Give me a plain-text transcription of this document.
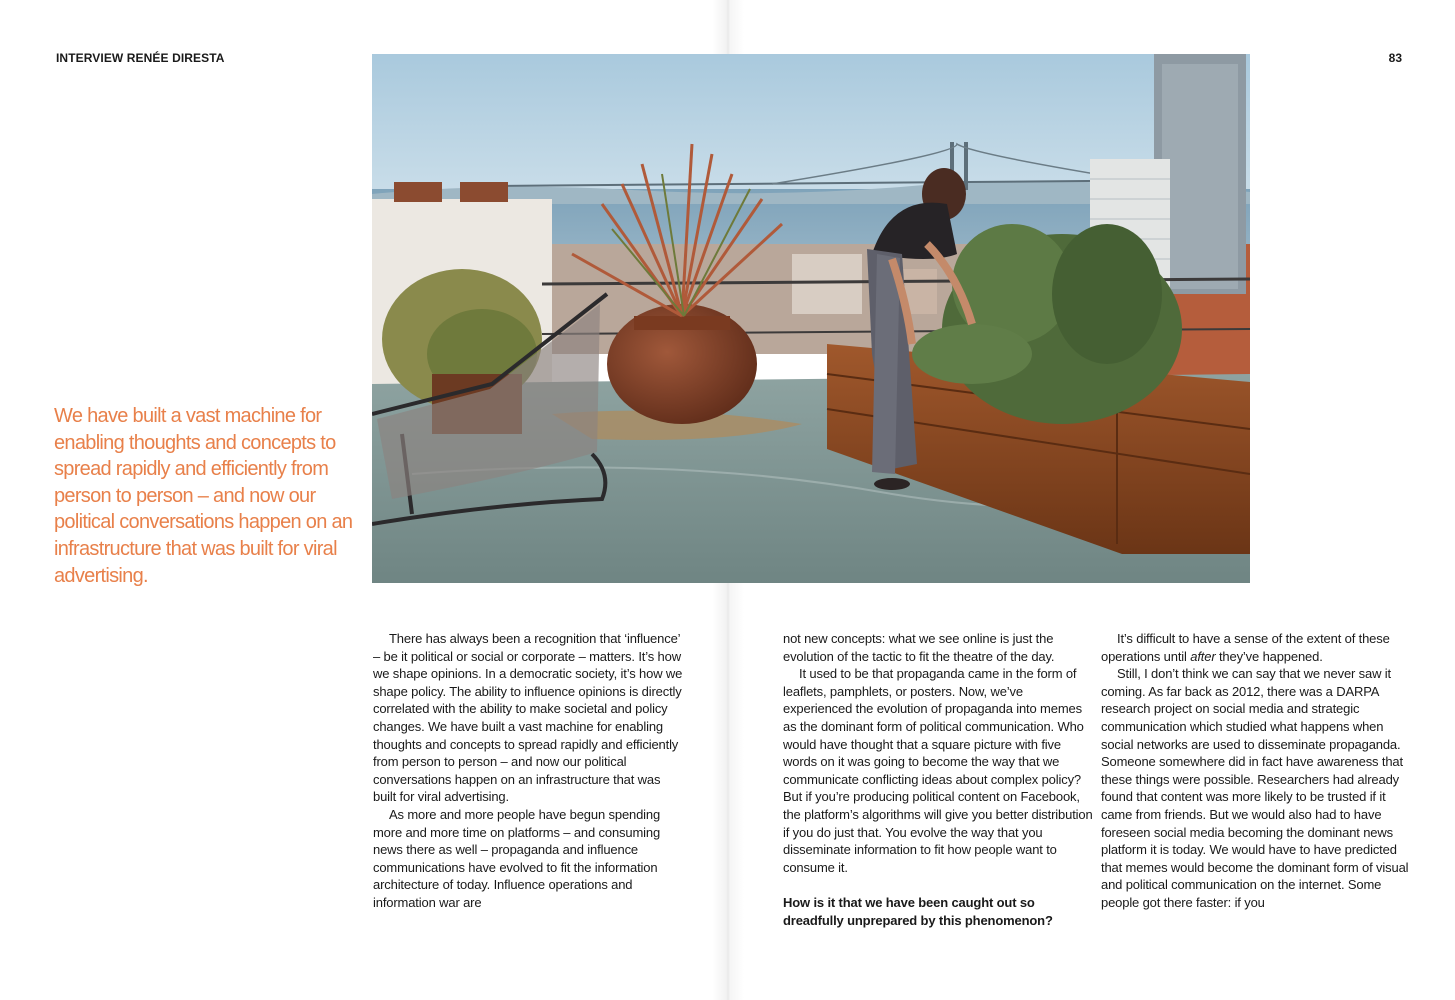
INTERVIEW RENÉE DIRESTA	83
We have built a vast machine for enabling thoughts and concepts to spread rapidly and efficiently from person to person – and now our political conversations happen on an infrastructure that was built for viral advertising.

There has always been a recognition that ‘influence’ – be it political or social or corporate – matters. It’s how we shape opinions. In a democratic society, it’s how we shape policy. The ability to influence opinions is directly correlated with the ability to make societal and policy changes. We have built a vast machine for enabling thoughts and concepts to spread rapidly and efficiently from person to person – and now our political conversations happen on an infrastructure that was built for viral advertising.

As more and more people have begun spending more and more time on platforms – and consuming news there as well – propaganda and influence communications have evolved to fit the information architecture of today. Influence operations and information war are

not new concepts: what we see online is just the evolution of the tactic to fit the theatre of the day.

It used to be that propaganda came in the form of leaflets, pamphlets, or posters. Now, we’ve experienced the evolution of propaganda into memes as the dominant form of political communication. Who would have thought that a square picture with five words on it was going to become the way that we communicate conflicting ideas about complex policy? But if you’re producing political content on Facebook, the platform’s algorithms will give you better distribution if you do just that. You evolve the way that you disseminate information to fit how people want to consume it.

How is it that we have been caught out so dreadfully unprepared by this phenomenon?

It’s difficult to have a sense of the extent of these operations until after they’ve happened.

Still, I don’t think we can say that we never saw it coming. As far back as 2012, there was a DARPA research project on social media and strategic communication which studied what happens when social networks are used to disseminate propaganda. Someone somewhere did in fact have awareness that these things were possible. Researchers had already found that content was more likely to be trusted if it came from friends. But we would also had to have foreseen social media becoming the dominant news platform it is today. We would have to have predicted that memes would become the dominant form of visual and political communication on the internet. Some people got there faster: if you
